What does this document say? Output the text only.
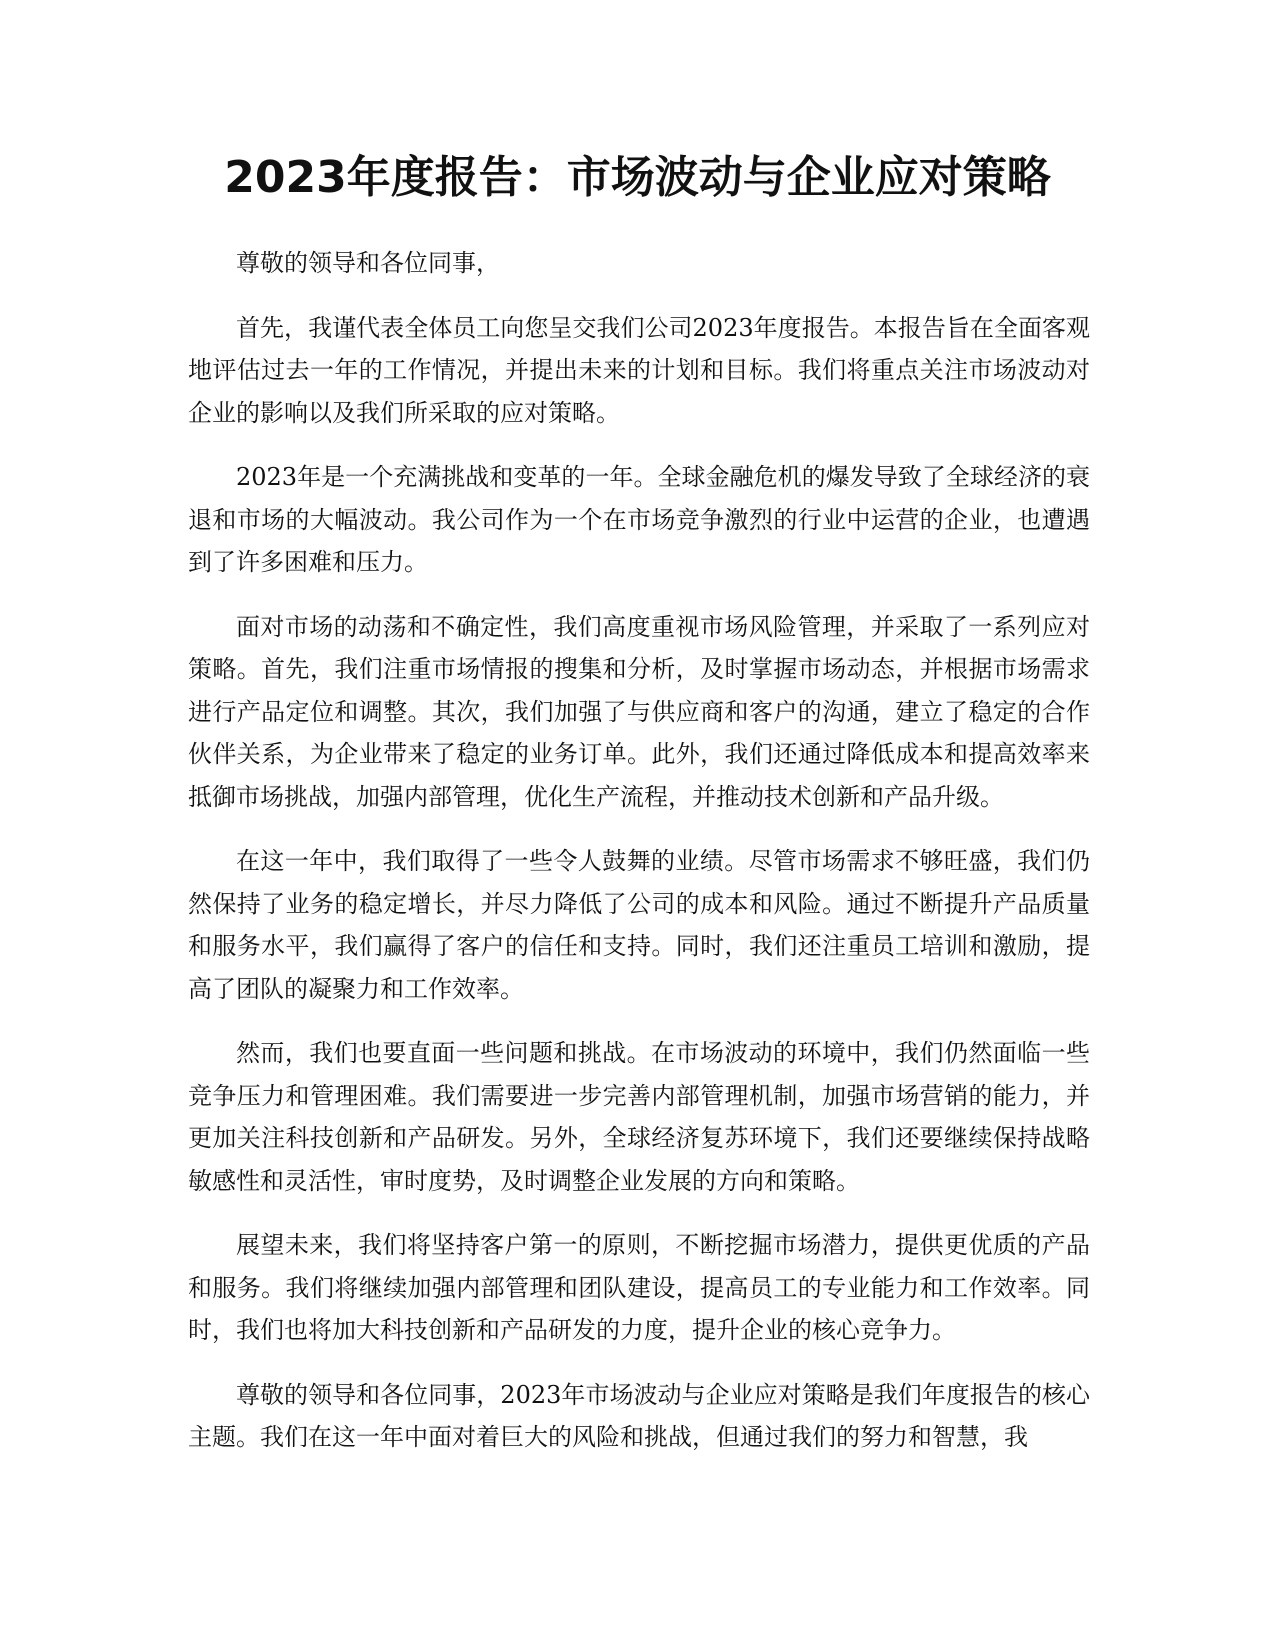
2023年度报告：市场波动与企业应对策略

尊敬的领导和各位同事，

首先，我谨代表全体员工向您呈交我们公司2023年度报告。本报告旨在全面客观地评估过去一年的工作情况，并提出未来的计划和目标。我们将重点关注市场波动对企业的影响以及我们所采取的应对策略。

2023年是一个充满挑战和变革的一年。全球金融危机的爆发导致了全球经济的衰退和市场的大幅波动。我公司作为一个在市场竞争激烈的行业中运营的企业，也遭遇到了许多困难和压力。

面对市场的动荡和不确定性，我们高度重视市场风险管理，并采取了一系列应对策略。首先，我们注重市场情报的搜集和分析，及时掌握市场动态，并根据市场需求进行产品定位和调整。其次，我们加强了与供应商和客户的沟通，建立了稳定的合作伙伴关系，为企业带来了稳定的业务订单。此外，我们还通过降低成本和提高效率来抵御市场挑战，加强内部管理，优化生产流程，并推动技术创新和产品升级。

在这一年中，我们取得了一些令人鼓舞的业绩。尽管市场需求不够旺盛，我们仍然保持了业务的稳定增长，并尽力降低了公司的成本和风险。通过不断提升产品质量和服务水平，我们赢得了客户的信任和支持。同时，我们还注重员工培训和激励，提高了团队的凝聚力和工作效率。

然而，我们也要直面一些问题和挑战。在市场波动的环境中，我们仍然面临一些竞争压力和管理困难。我们需要进一步完善内部管理机制，加强市场营销的能力，并更加关注科技创新和产品研发。另外，全球经济复苏环境下，我们还要继续保持战略敏感性和灵活性，审时度势，及时调整企业发展的方向和策略。

展望未来，我们将坚持客户第一的原则，不断挖掘市场潜力，提供更优质的产品和服务。我们将继续加强内部管理和团队建设，提高员工的专业能力和工作效率。同时，我们也将加大科技创新和产品研发的力度，提升企业的核心竞争力。

尊敬的领导和各位同事，2023年市场波动与企业应对策略是我们年度报告的核心主题。我们在这一年中面对着巨大的风险和挑战，但通过我们的努力和智慧，我
